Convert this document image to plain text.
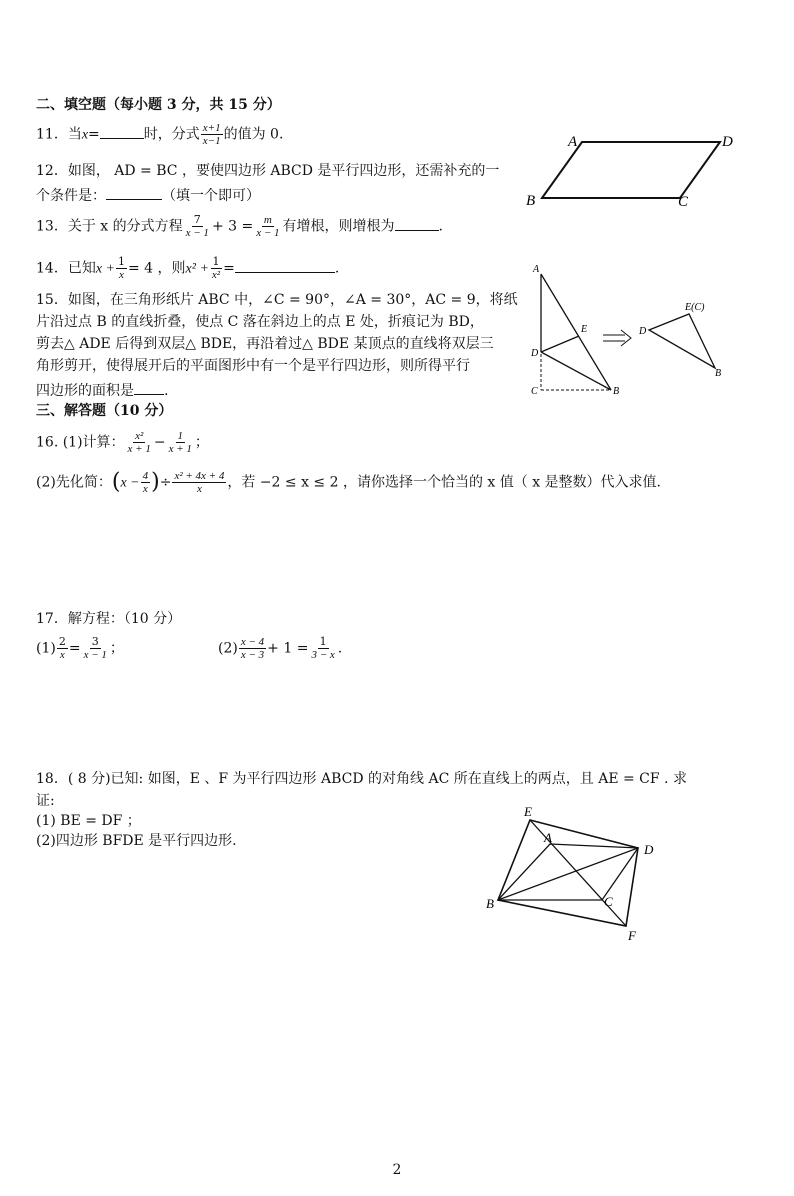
二、填空题（每小题 3 分，共 15 分）
11．当x=	时，分式 $\frac{x+1}{x-1}$ 的值为 0.
12．如图， AD = BC ，要使四边形 ABCD 是平行四边形，还需补充的一
个条件是：	（填一个即可）
13．关于 x 的分式方程 $\frac{7}{x - 1} + 3 = \frac{m}{x - 1}$ 有增根，则增根为	.
14．已知$x + \frac{1}{x} = 4$ ，则$x^2 + \frac{1}{\text{x²}}$ =	.
15．如图，在三角形纸片 ABC 中，∠C = 90°，∠A = 30°，AC = 9，将纸
片沿过点 B 的直线折叠，使点 C 落在斜边上的点 E 处，折痕记为 BD，
剪去△ ADE 后得到双层△ BDE，再沿着过△ BDE 某顶点的直线将双层三
角形剪开，使得展开后的平面图形中有一个是平行四边形，则所得平行
四边形的面积是 .
三、解答题（10 分）
16. (1)计算： $\frac{\text{x²}}{x + 1} - \frac{1}{x + 1}$ ；
(2)先化简：($x - \frac{4}{x}$ )÷ $\frac{\text{x² + 4x + 4}}{x}$ ，若 −2 ≤ x ≤ 2 ，请你选择一个恰当的 x 值（ x 是整数）代入求值.
17．解方程：（10 分）
$(1) \frac{2}{x} = \frac{3}{x - 1}$ ；	$(2) \frac{x - 4}{x - 3} + 1 = \frac{1}{3 - x}$ .
18．( 8 分)已知: 如图，E 、F 为平行四边形 ABCD 的对角线 AC 所在直线上的两点，且 AE = CF . 求
证:
(1) BE = DF ；
(2)四边形 BFDE 是平行四边形.
A	D
B	C
A
E
D
C	B
E(C)
D
B
E
A
D
B	C
F
2
